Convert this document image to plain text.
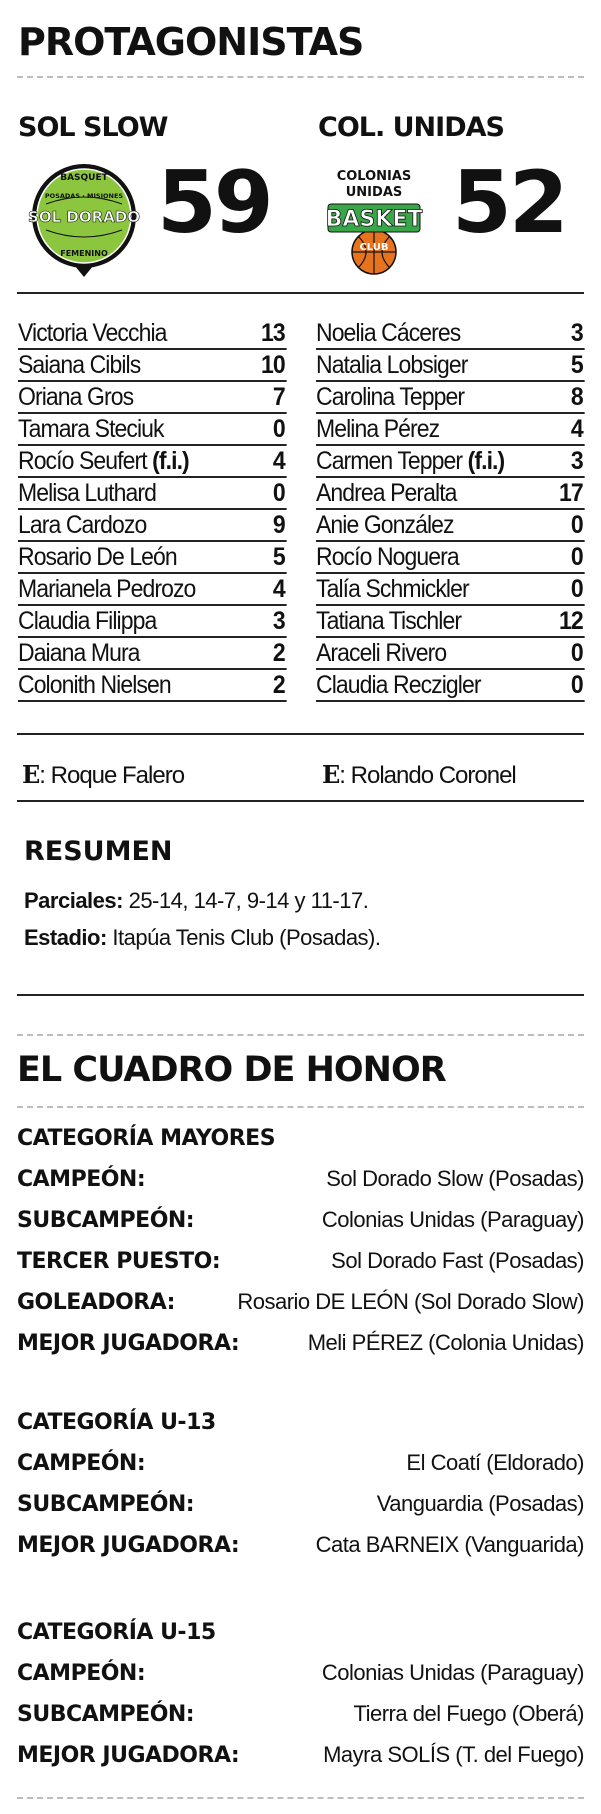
PROTAGONISTAS
SOL SLOW	COL. UNIDAS
BASQUET
POSADAS · MISIONES
SOL DORADO
FEMENINO
59	COLONIAS
UNIDAS
BASKET
CLUB 52
Victoria Vecchia	13
Saiana Cibils	10
Oriana Gros	7
Tamara Steciuk	0
Rocío Seufert (f.i.)	4
Melisa Luthard	0
Lara Cardozo	9
Rosario De León	5
Marianela Pedrozo	4
Claudia Filippa	3
Daiana Mura	2
Colonith Nielsen	2
Noelia Cáceres	3
Natalia Lobsiger	5
Carolina Tepper	8
Melina Pérez	4
Carmen Tepper (f.i.)	3
Andrea Peralta	17
Anie González	0
Rocío Noguera	0
Talía Schmickler	0
Tatiana Tischler	12
Araceli Rivero	0
Claudia Reczigler	0
E: Roque Falero	E: Rolando Coronel
RESUMEN
Parciales: 25-14, 14-7, 9-14 y 11-17.
Estadio: Itapúa Tenis Club (Posadas).
EL CUADRO DE HONOR
CATEGORÍA MAYORES
CAMPEÓN:	Sol Dorado Slow (Posadas)
SUBCAMPEÓN:	Colonias Unidas (Paraguay)
TERCER PUESTO:	Sol Dorado Fast (Posadas)
GOLEADORA:	Rosario DE LEÓN (Sol Dorado Slow)
MEJOR JUGADORA:	Meli PÉREZ (Colonia Unidas)
CATEGORÍA U-13
CAMPEÓN:	El Coatí (Eldorado)
SUBCAMPEÓN:	Vanguardia (Posadas)
MEJOR JUGADORA:	Cata BARNEIX (Vanguarida)
CATEGORÍA U-15
CAMPEÓN:	Colonias Unidas (Paraguay)
SUBCAMPEÓN:	Tierra del Fuego (Oberá)
MEJOR JUGADORA:	Mayra SOLÍS (T. del Fuego)
